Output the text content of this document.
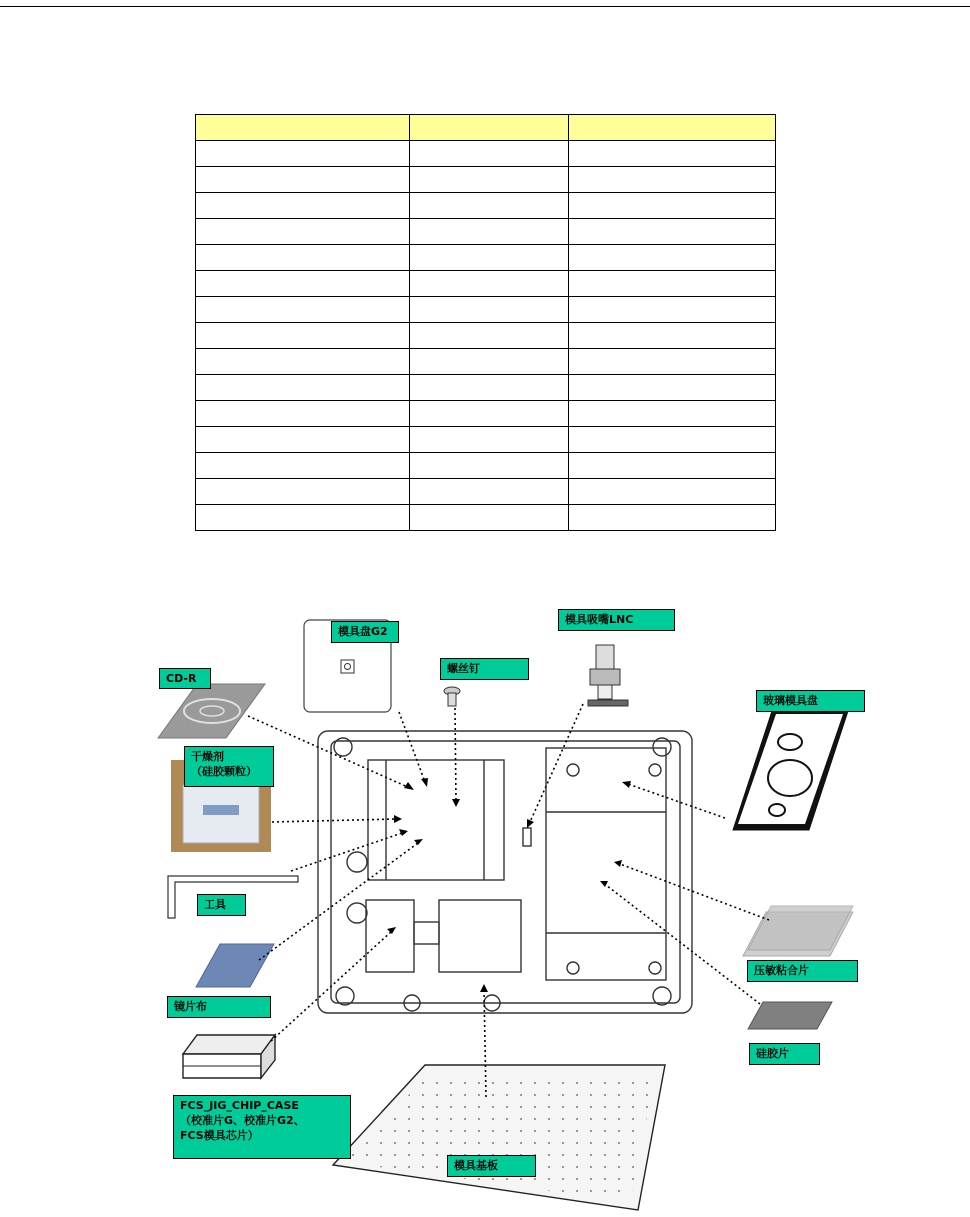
模具盘G2
模具吸嘴LNC
螺丝钉
CD-R
玻璃模具盘
干燥剂
（硅胶颗粒）
工具
镜片布
压敏粘合片
硅胶片
FCS_JIG_CHIP_CASE
（校准片G、校准片G2、
FCS模具芯片）
模具基板
